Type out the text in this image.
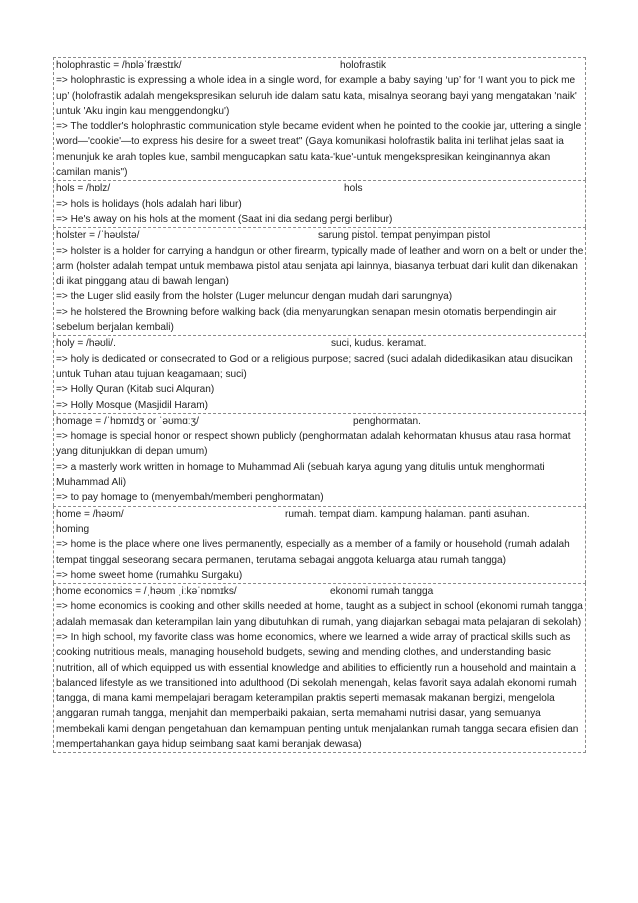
holophrastic = /hɒləˈfræstɪk/	holofrastik
=> holophrastic is expressing a whole idea in a single word, for example a baby saying ‘up’ for ‘I want you to pick me up’ (holofrastik adalah mengekspresikan seluruh ide dalam satu kata, misalnya seorang bayi yang mengatakan 'naik' untuk 'Aku ingin kau menggendongku')
=> The toddler's holophrastic communication style became evident when he pointed to the cookie jar, uttering a single word—'cookie'—to express his desire for a sweet treat" (Gaya komunikasi holofrastik balita ini terlihat jelas saat ia menunjuk ke arah toples kue, sambil mengucapkan satu kata-'kue'-untuk mengekspresikan keinginannya akan camilan manis")
hols = /hɒlz/	hols
=> hols is holidays (hols adalah hari libur)
=> He's away on his hols at the moment (Saat ini dia sedang pergi berlibur)
holster = /ˈhəʊlstə/	sarung pistol. tempat penyimpan pistol
=> holster is a holder for carrying a handgun or other firearm, typically made of leather and worn on a belt or under the arm (holster adalah tempat untuk membawa pistol atau senjata api lainnya, biasanya terbuat dari kulit dan dikenakan di ikat pinggang atau di bawah lengan)
=> the Luger slid easily from the holster (Luger meluncur dengan mudah dari sarungnya)
=> he holstered the Browning before walking back (dia menyarungkan senapan mesin otomatis berpendingin air sebelum berjalan kembali)
holy = /həʊli/.	suci, kudus. keramat.
=> holy is dedicated or consecrated to God or a religious purpose; sacred (suci adalah didedikasikan atau disucikan untuk Tuhan atau tujuan keagamaan; suci)
=> Holly Quran (Kitab suci Alquran)
=> Holly Mosque (Masjidil Haram)
homage = /ˈhɒmɪdʒ or ˈəʊmɑːʒ/	penghormatan.
=> homage is special honor or respect shown publicly (penghormatan adalah kehormatan khusus atau rasa hormat yang ditunjukkan di depan umum)
=> a masterly work written in homage to Muhammad Ali (sebuah karya agung yang ditulis untuk menghormati Muhammad Ali)
=> to pay homage to (menyembah/memberi penghormatan)
home = /həʊm/	rumah. tempat diam. kampung halaman. panti asuhan.
homing
=> home is the place where one lives permanently, especially as a member of a family or household (rumah adalah tempat tinggal seseorang secara permanen, terutama sebagai anggota keluarga atau rumah tangga)
=> home sweet home (rumahku Surgaku)
home economics = /ˌhəʊm ˌiːkəˈnɒmɪks/	ekonomi rumah tangga
=> home economics is cooking and other skills needed at home, taught as a subject in school (ekonomi rumah tangga adalah memasak dan keterampilan lain yang dibutuhkan di rumah, yang diajarkan sebagai mata pelajaran di sekolah)
=> In high school, my favorite class was home economics, where we learned a wide array of practical skills such as cooking nutritious meals, managing household budgets, sewing and mending clothes, and understanding basic nutrition, all of which equipped us with essential knowledge and abilities to efficiently run a household and maintain a balanced lifestyle as we transitioned into adulthood (Di sekolah menengah, kelas favorit saya adalah ekonomi rumah tangga, di mana kami mempelajari beragam keterampilan praktis seperti memasak makanan bergizi, mengelola anggaran rumah tangga, menjahit dan memperbaiki pakaian, serta memahami nutrisi dasar, yang semuanya membekali kami dengan pengetahuan dan kemampuan penting untuk menjalankan rumah tangga secara efisien dan mempertahankan gaya hidup seimbang saat kami beranjak dewasa)
